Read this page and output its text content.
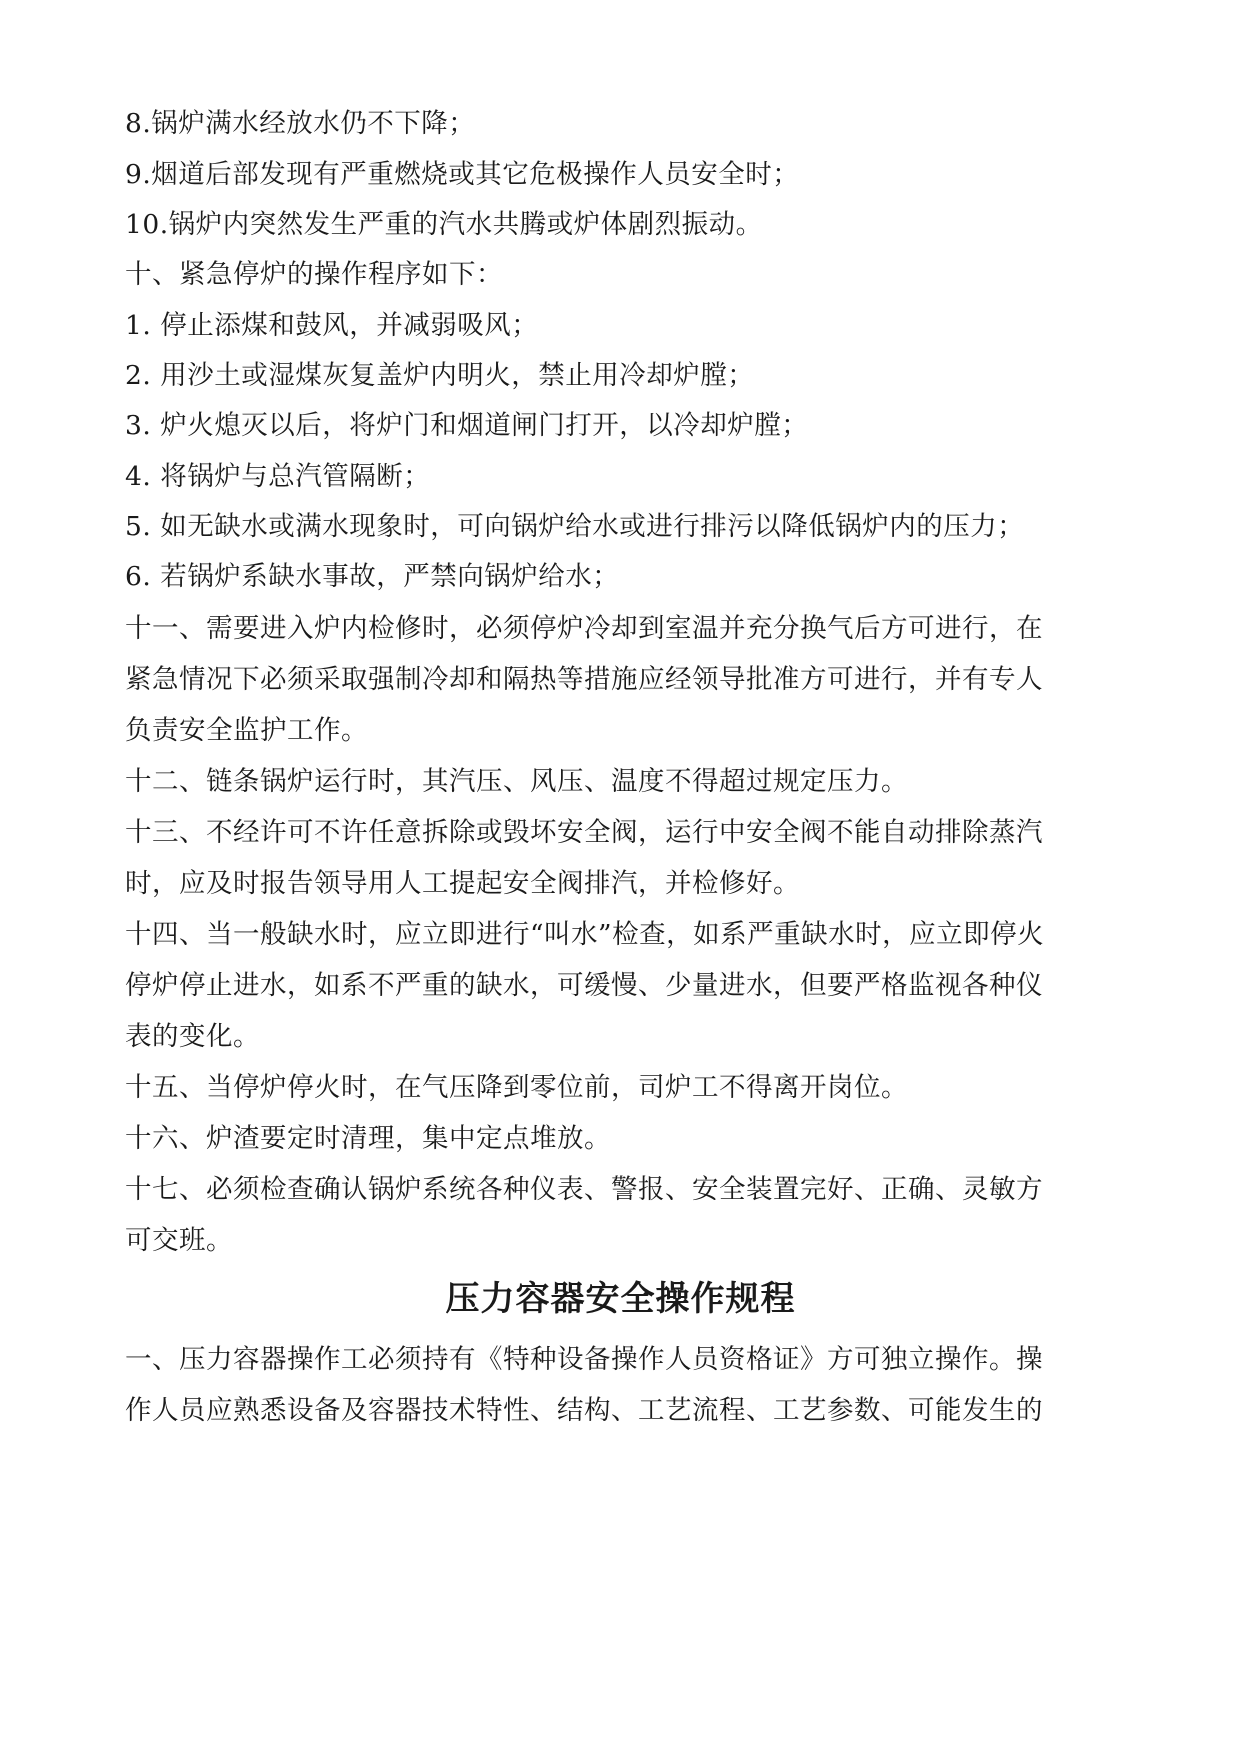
8.锅炉满水经放水仍不下降；
9.烟道后部发现有严重燃烧或其它危极操作人员安全时；
10.锅炉内突然发生严重的汽水共腾或炉体剧烈振动。
十、紧急停炉的操作程序如下：
1. 停止添煤和鼓风，并减弱吸风；
2. 用沙土或湿煤灰复盖炉内明火，禁止用冷却炉膛；
3. 炉火熄灭以后，将炉门和烟道闸门打开，以冷却炉膛；
4. 将锅炉与总汽管隔断；
5. 如无缺水或满水现象时，可向锅炉给水或进行排污以降低锅炉内的压力；
6. 若锅炉系缺水事故，严禁向锅炉给水；
十一、需要进入炉内检修时，必须停炉冷却到室温并充分换气后方可进行，在
紧急情况下必须采取强制冷却和隔热等措施应经领导批准方可进行，并有专人
负责安全监护工作。
十二、链条锅炉运行时，其汽压、风压、温度不得超过规定压力。
十三、不经许可不许任意拆除或毁坏安全阀，运行中安全阀不能自动排除蒸汽
时，应及时报告领导用人工提起安全阀排汽，并检修好。
十四、当一般缺水时，应立即进行“叫水”检查，如系严重缺水时，应立即停火
停炉停止进水，如系不严重的缺水，可缓慢、少量进水，但要严格监视各种仪
表的变化。
十五、当停炉停火时，在气压降到零位前，司炉工不得离开岗位。
十六、炉渣要定时清理，集中定点堆放。
十七、必须检查确认锅炉系统各种仪表、警报、安全装置完好、正确、灵敏方
可交班。
压力容器安全操作规程
一、压力容器操作工必须持有《特种设备操作人员资格证》方可独立操作。操
作人员应熟悉设备及容器技术特性、结构、工艺流程、工艺参数、可能发生的
